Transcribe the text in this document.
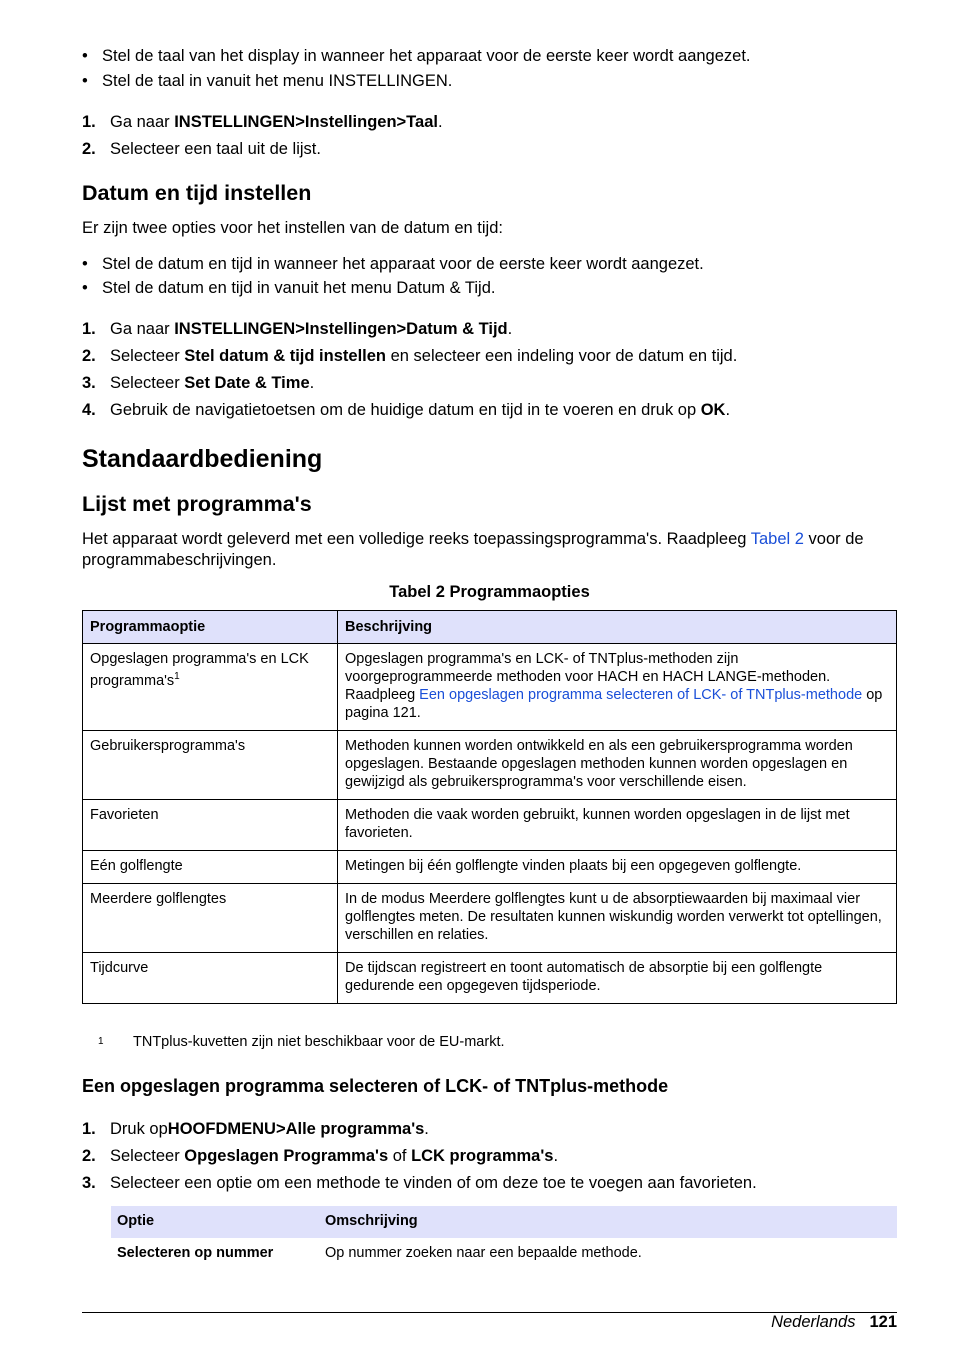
• Stel de taal van het display in wanneer het apparaat voor de eerste keer wordt aangezet.
• Stel de taal in vanuit het menu INSTELLINGEN.
1. Ga naar INSTELLINGEN>Instellingen>Taal.
2. Selecteer een taal uit de lijst.
Datum en tijd instellen

Er zijn twee opties voor het instellen van de datum en tijd:

• Stel de datum en tijd in wanneer het apparaat voor de eerste keer wordt aangezet.
• Stel de datum en tijd in vanuit het menu Datum & Tijd.
1. Ga naar INSTELLINGEN>Instellingen>Datum & Tijd.
2. Selecteer Stel datum & tijd instellen en selecteer een indeling voor de datum en tijd.
3. Selecteer Set Date & Time.
4. Gebruik de navigatietoetsen om de huidige datum en tijd in te voeren en druk op OK.
Standaardbediening
Lijst met programma's

Het apparaat wordt geleverd met een volledige reeks toepassingsprogramma's. Raadpleeg Tabel 2 voor de programmabeschrijvingen.

Tabel 2 Programmaopties
Programmaoptie	Beschrijving
Opgeslagen programma's en LCK $programma's^1$	Opgeslagen programma's en LCK- of TNTplus-methoden zijn voorgeprogrammeerde methoden voor HACH en HACH LANGE-methoden. Raadpleeg Een opgeslagen programma selecteren of LCK- of TNTplus-methode op pagina 121.
Gebruikersprogramma's	Methoden kunnen worden ontwikkeld en als een gebruikersprogramma worden opgeslagen. Bestaande opgeslagen methoden kunnen worden opgeslagen en gewijzigd als gebruikersprogramma's voor verschillende eisen.
Favorieten	Methoden die vaak worden gebruikt, kunnen worden opgeslagen in de lijst met favorieten.
Eén golflengte	Metingen bij één golflengte vinden plaats bij een opgegeven golflengte.
Meerdere golflengtes	In de modus Meerdere golflengtes kunt u de absorptiewaarden bij maximaal vier golflengtes meten. De resultaten kunnen wiskundig worden verwerkt tot optellingen, verschillen en relaties.
Tijdcurve	De tijdscan registreert en toont automatisch de absorptie bij een golflengte gedurende een opgegeven tijdsperiode.
1	TNTplus-kuvetten zijn niet beschikbaar voor de EU-markt.
Een opgeslagen programma selecteren of LCK- of TNTplus-methode
1. Druk opHOOFDMENU>Alle programma's.
2. Selecteer Opgeslagen Programma's of LCK programma's.
3. Selecteer een optie om een methode te vinden of om deze toe te voegen aan favorieten.
Optie	Omschrijving
Selecteren op nummer	Op nummer zoeken naar een bepaalde methode.
Nederlands 121
